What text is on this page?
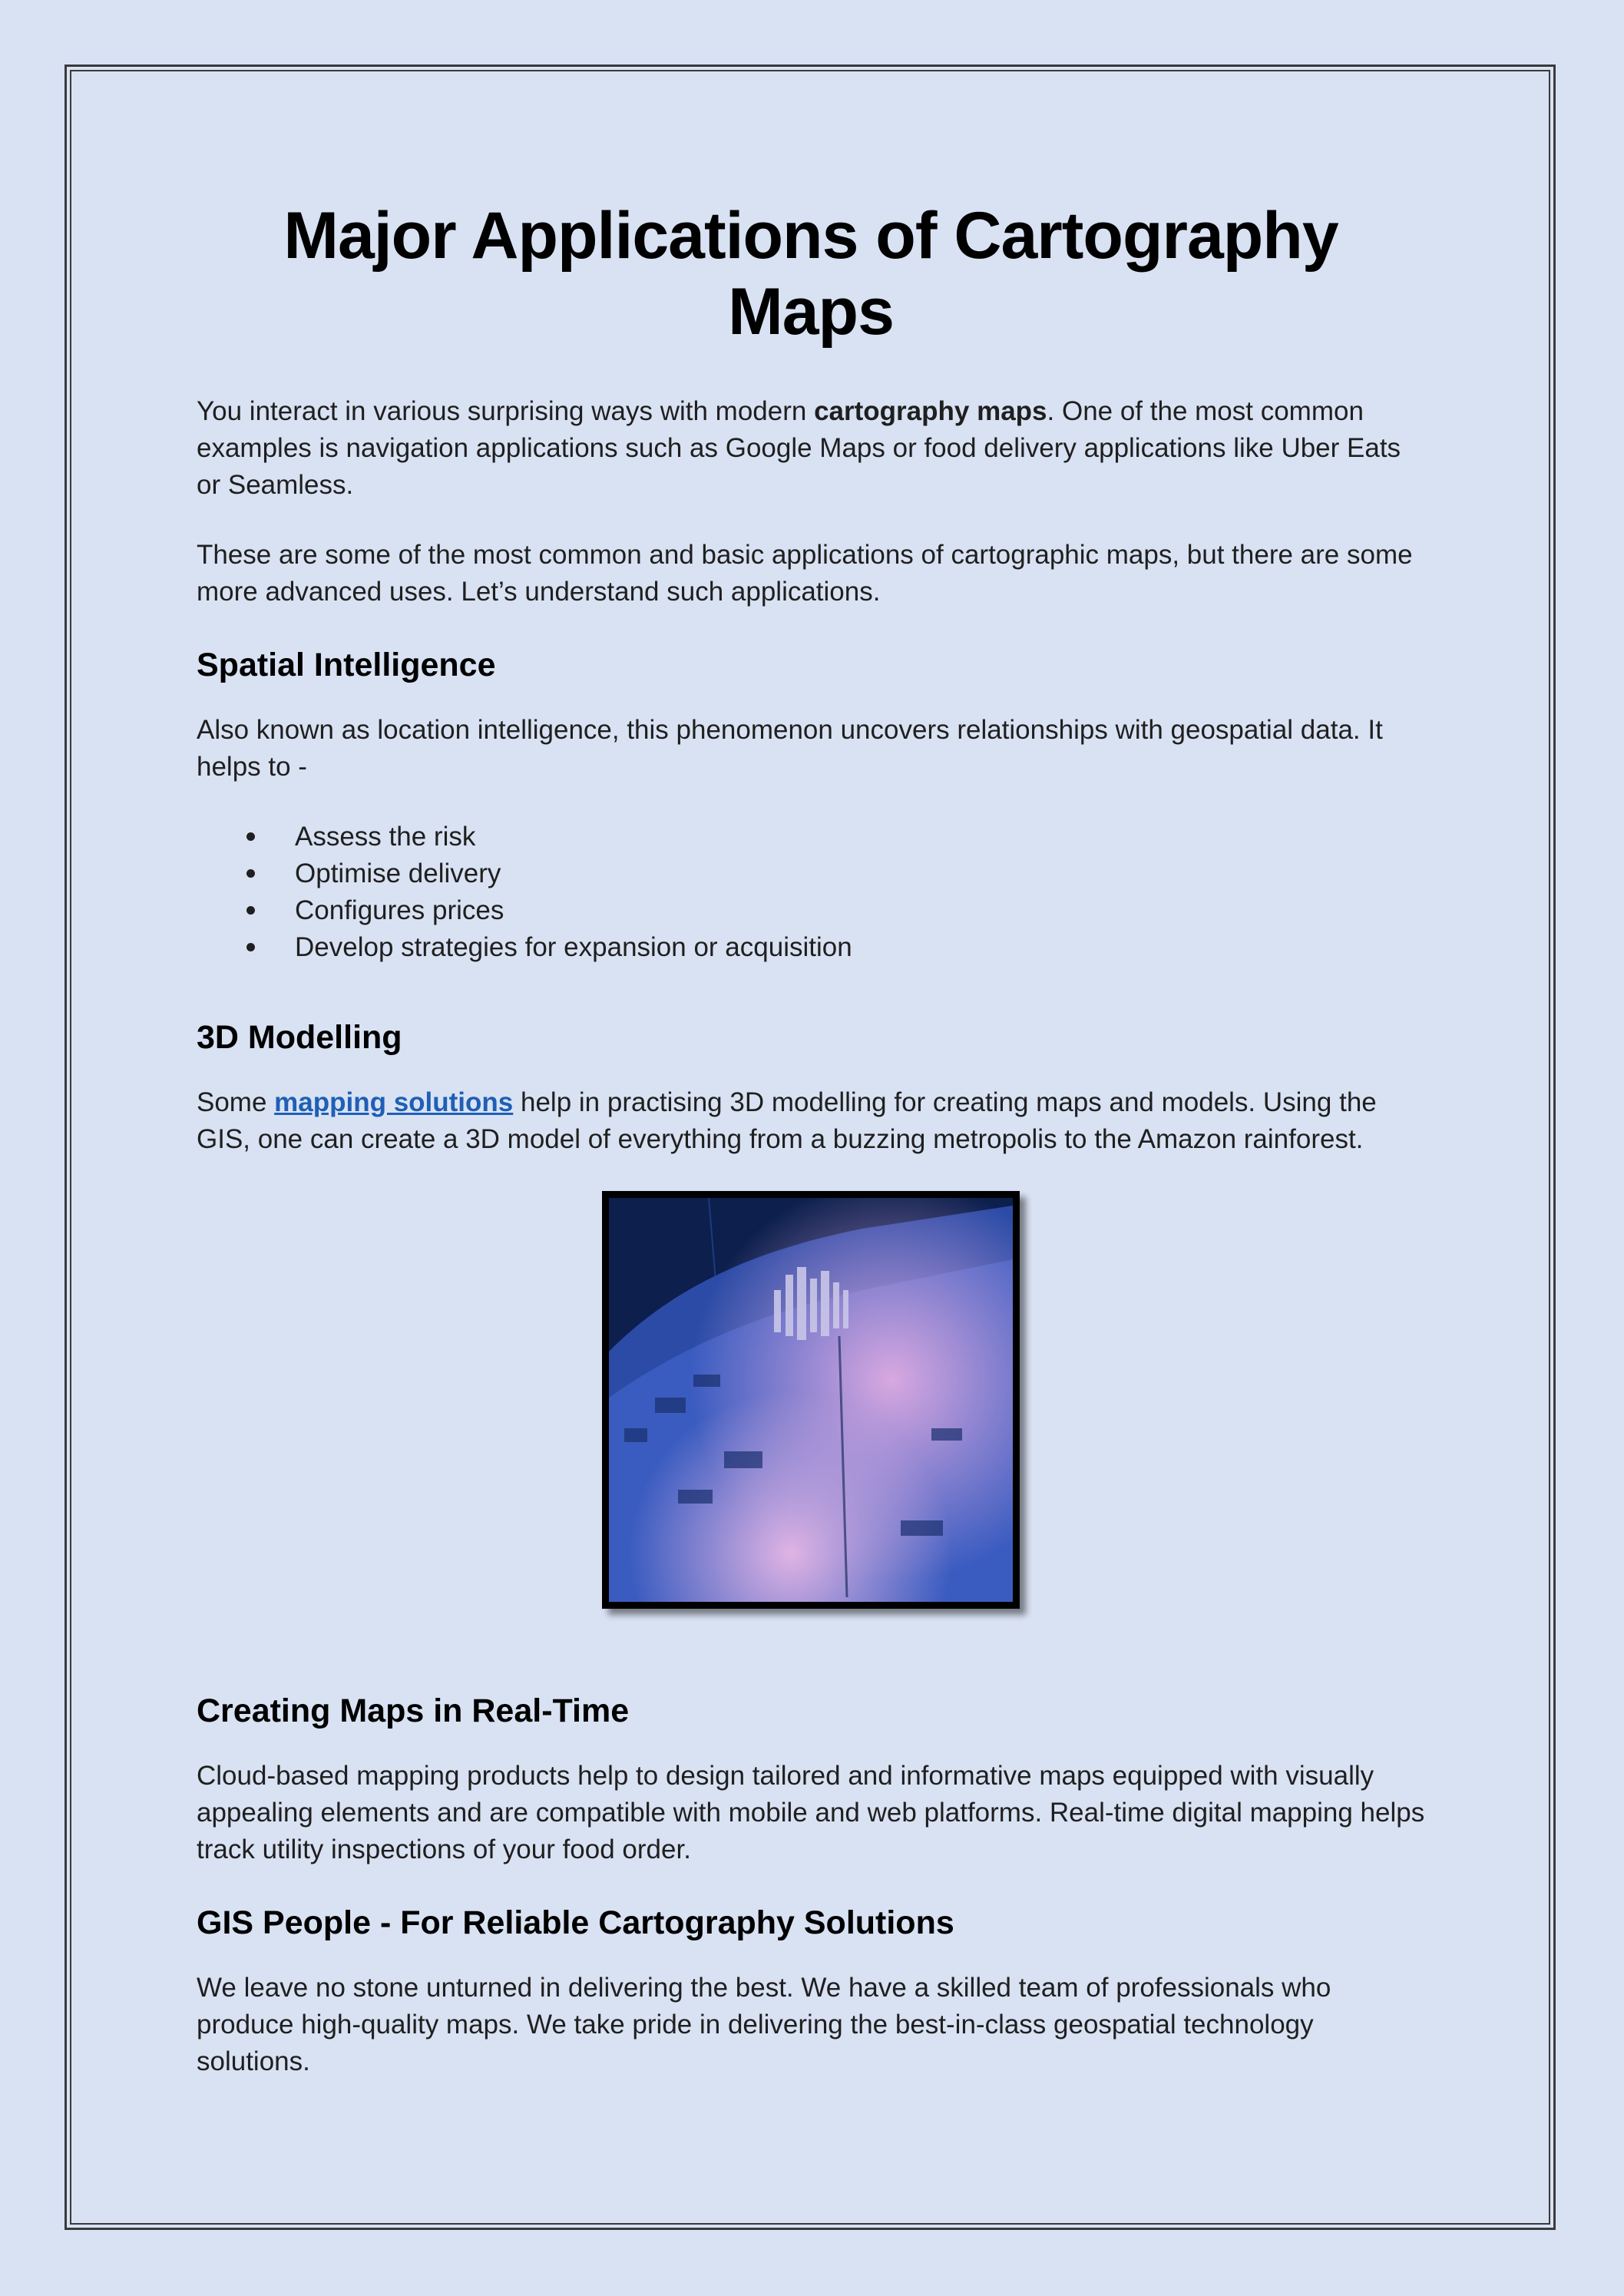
Major Applications of Cartography Maps

You interact in various surprising ways with modern cartography maps. One of the most common examples is navigation applications such as Google Maps or food delivery applications like Uber Eats or Seamless.

These are some of the most common and basic applications of cartographic maps, but there are some more advanced uses. Let’s understand such applications.

Spatial Intelligence

Also known as location intelligence, this phenomenon uncovers relationships with geospatial data. It helps to -

Assess the risk
Optimise delivery
Configures prices
Develop strategies for expansion or acquisition
3D Modelling

Some mapping solutions help in practising 3D modelling for creating maps and models. Using the GIS, one can create a 3D model of everything from a buzzing metropolis to the Amazon rainforest.

Creating Maps in Real-Time

Cloud-based mapping products help to design tailored and informative maps equipped with visually appealing elements and are compatible with mobile and web platforms. Real-time digital mapping helps track utility inspections of your food order.

GIS People - For Reliable Cartography Solutions

We leave no stone unturned in delivering the best. We have a skilled team of professionals who produce high-quality maps. We take pride in delivering the best-in-class geospatial technology solutions.
